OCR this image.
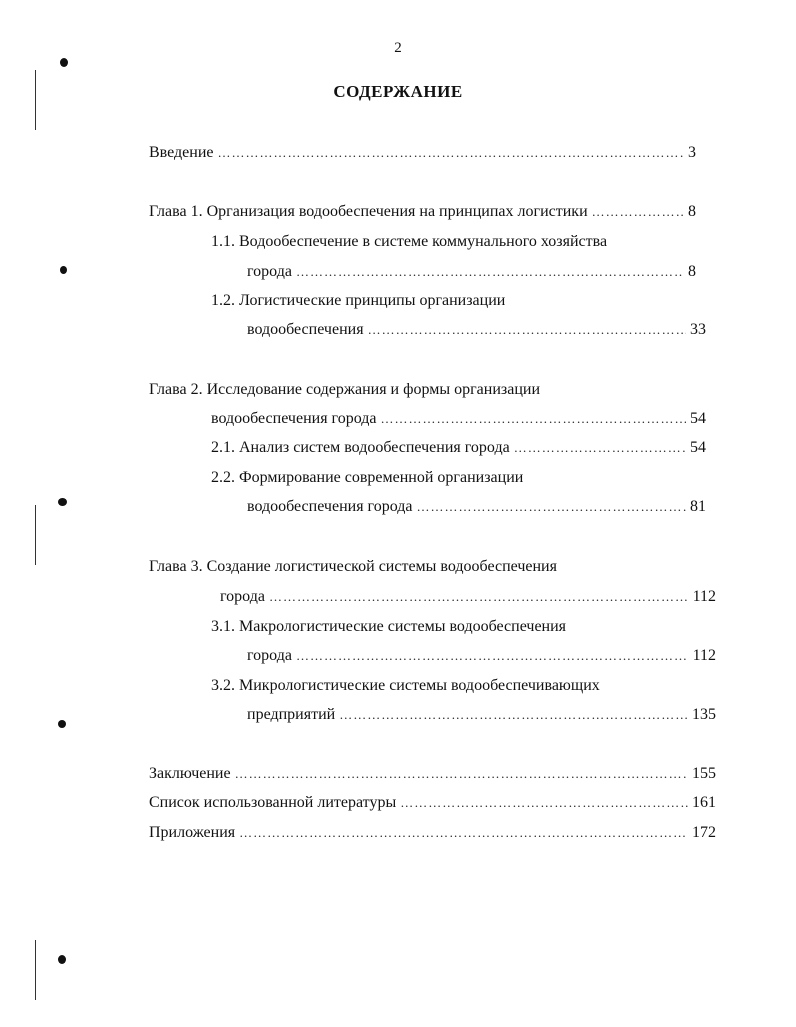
2
СОДЕРЖАНИЕ
Введение ……………………………………………………………………………………………………………………………………	3
Глава 1. Организация водообеспечения на принципах логистики ……………………………………………………………………………………………………………………………………	8
1.1. Водообеспечение в системе коммунального хозяйства
города ……………………………………………………………………………………………………………………………………	8
1.2. Логистические принципы организации
водообеспечения ……………………………………………………………………………………………………………………………………	33
Глава 2. Исследование содержания и формы организации
водообеспечения города ……………………………………………………………………………………………………………………………………	54
2.1. Анализ систем водообеспечения города ……………………………………………………………………………………………………………………………………	54
2.2. Формирование современной организации
водообеспечения города ……………………………………………………………………………………………………………………………………	81
Глава 3. Создание логистической системы водообеспечения
города ……………………………………………………………………………………………………………………………………	112
3.1. Макрологистические системы водообеспечения
города ……………………………………………………………………………………………………………………………………	112
3.2. Микрологистические системы водообеспечивающих
предприятий ……………………………………………………………………………………………………………………………………	135
Заключение ……………………………………………………………………………………………………………………………………	155
Список использованной литературы ……………………………………………………………………………………………………………………………………	161
Приложения ……………………………………………………………………………………………………………………………………	172
